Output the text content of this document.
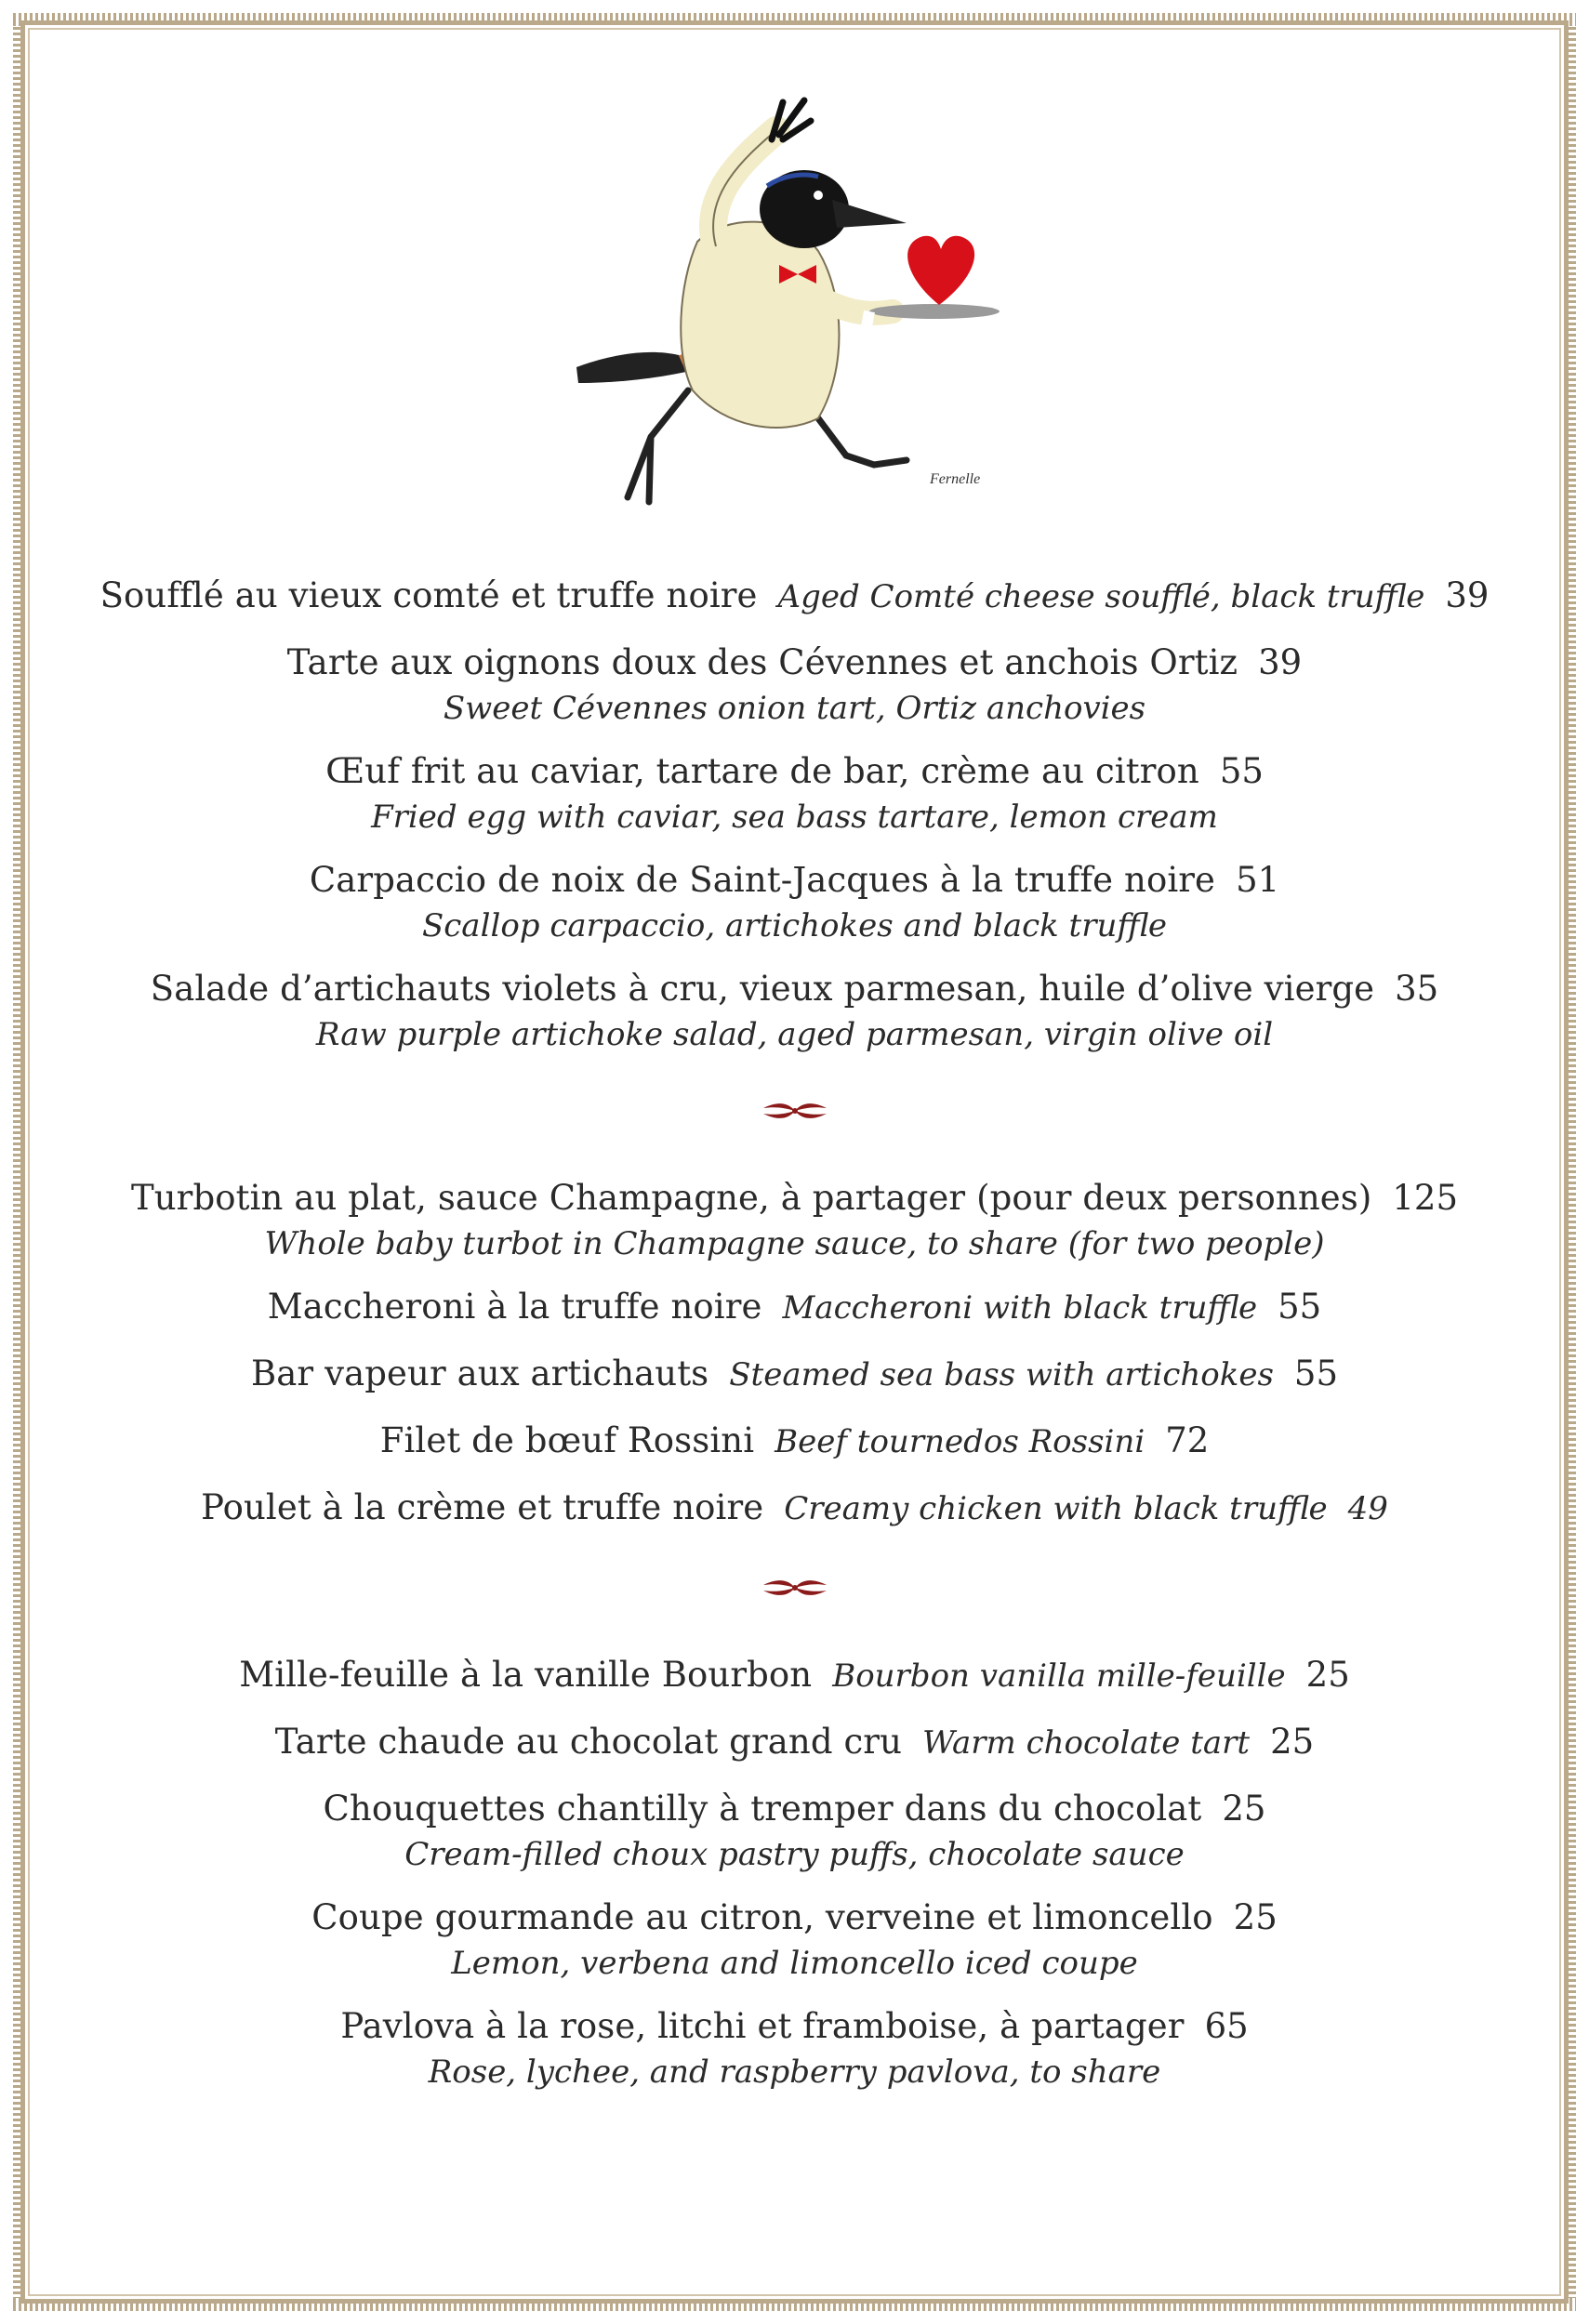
Fernelle
Soufflé au vieux comté et truffe noire Aged Comté cheese soufflé, black truffle 39
Tarte aux oignons doux des Cévennes et anchois Ortiz 39
Sweet Cévennes onion tart, Ortiz anchovies
Œuf frit au caviar, tartare de bar, crème au citron 55
Fried egg with caviar, sea bass tartare, lemon cream
Carpaccio de noix de Saint-Jacques à la truffe noire 51
Scallop carpaccio, artichokes and black truffle
Salade d’artichauts violets à cru, vieux parmesan, huile d’olive vierge 35
Raw purple artichoke salad, aged parmesan, virgin olive oil
Turbotin au plat, sauce Champagne, à partager (pour deux personnes) 125
Whole baby turbot in Champagne sauce, to share (for two people)
Maccheroni à la truffe noire Maccheroni with black truffle 55
Bar vapeur aux artichauts Steamed sea bass with artichokes 55
Filet de bœuf Rossini Beef tournedos Rossini 72
Poulet à la crème et truffe noire Creamy chicken with black truffle 49
Mille-feuille à la vanille Bourbon Bourbon vanilla mille-feuille 25
Tarte chaude au chocolat grand cru Warm chocolate tart 25
Chouquettes chantilly à tremper dans du chocolat 25
Cream-filled choux pastry puffs, chocolate sauce
Coupe gourmande au citron, verveine et limoncello 25
Lemon, verbena and limoncello iced coupe
Pavlova à la rose, litchi et framboise, à partager 65
Rose, lychee, and raspberry pavlova, to share
